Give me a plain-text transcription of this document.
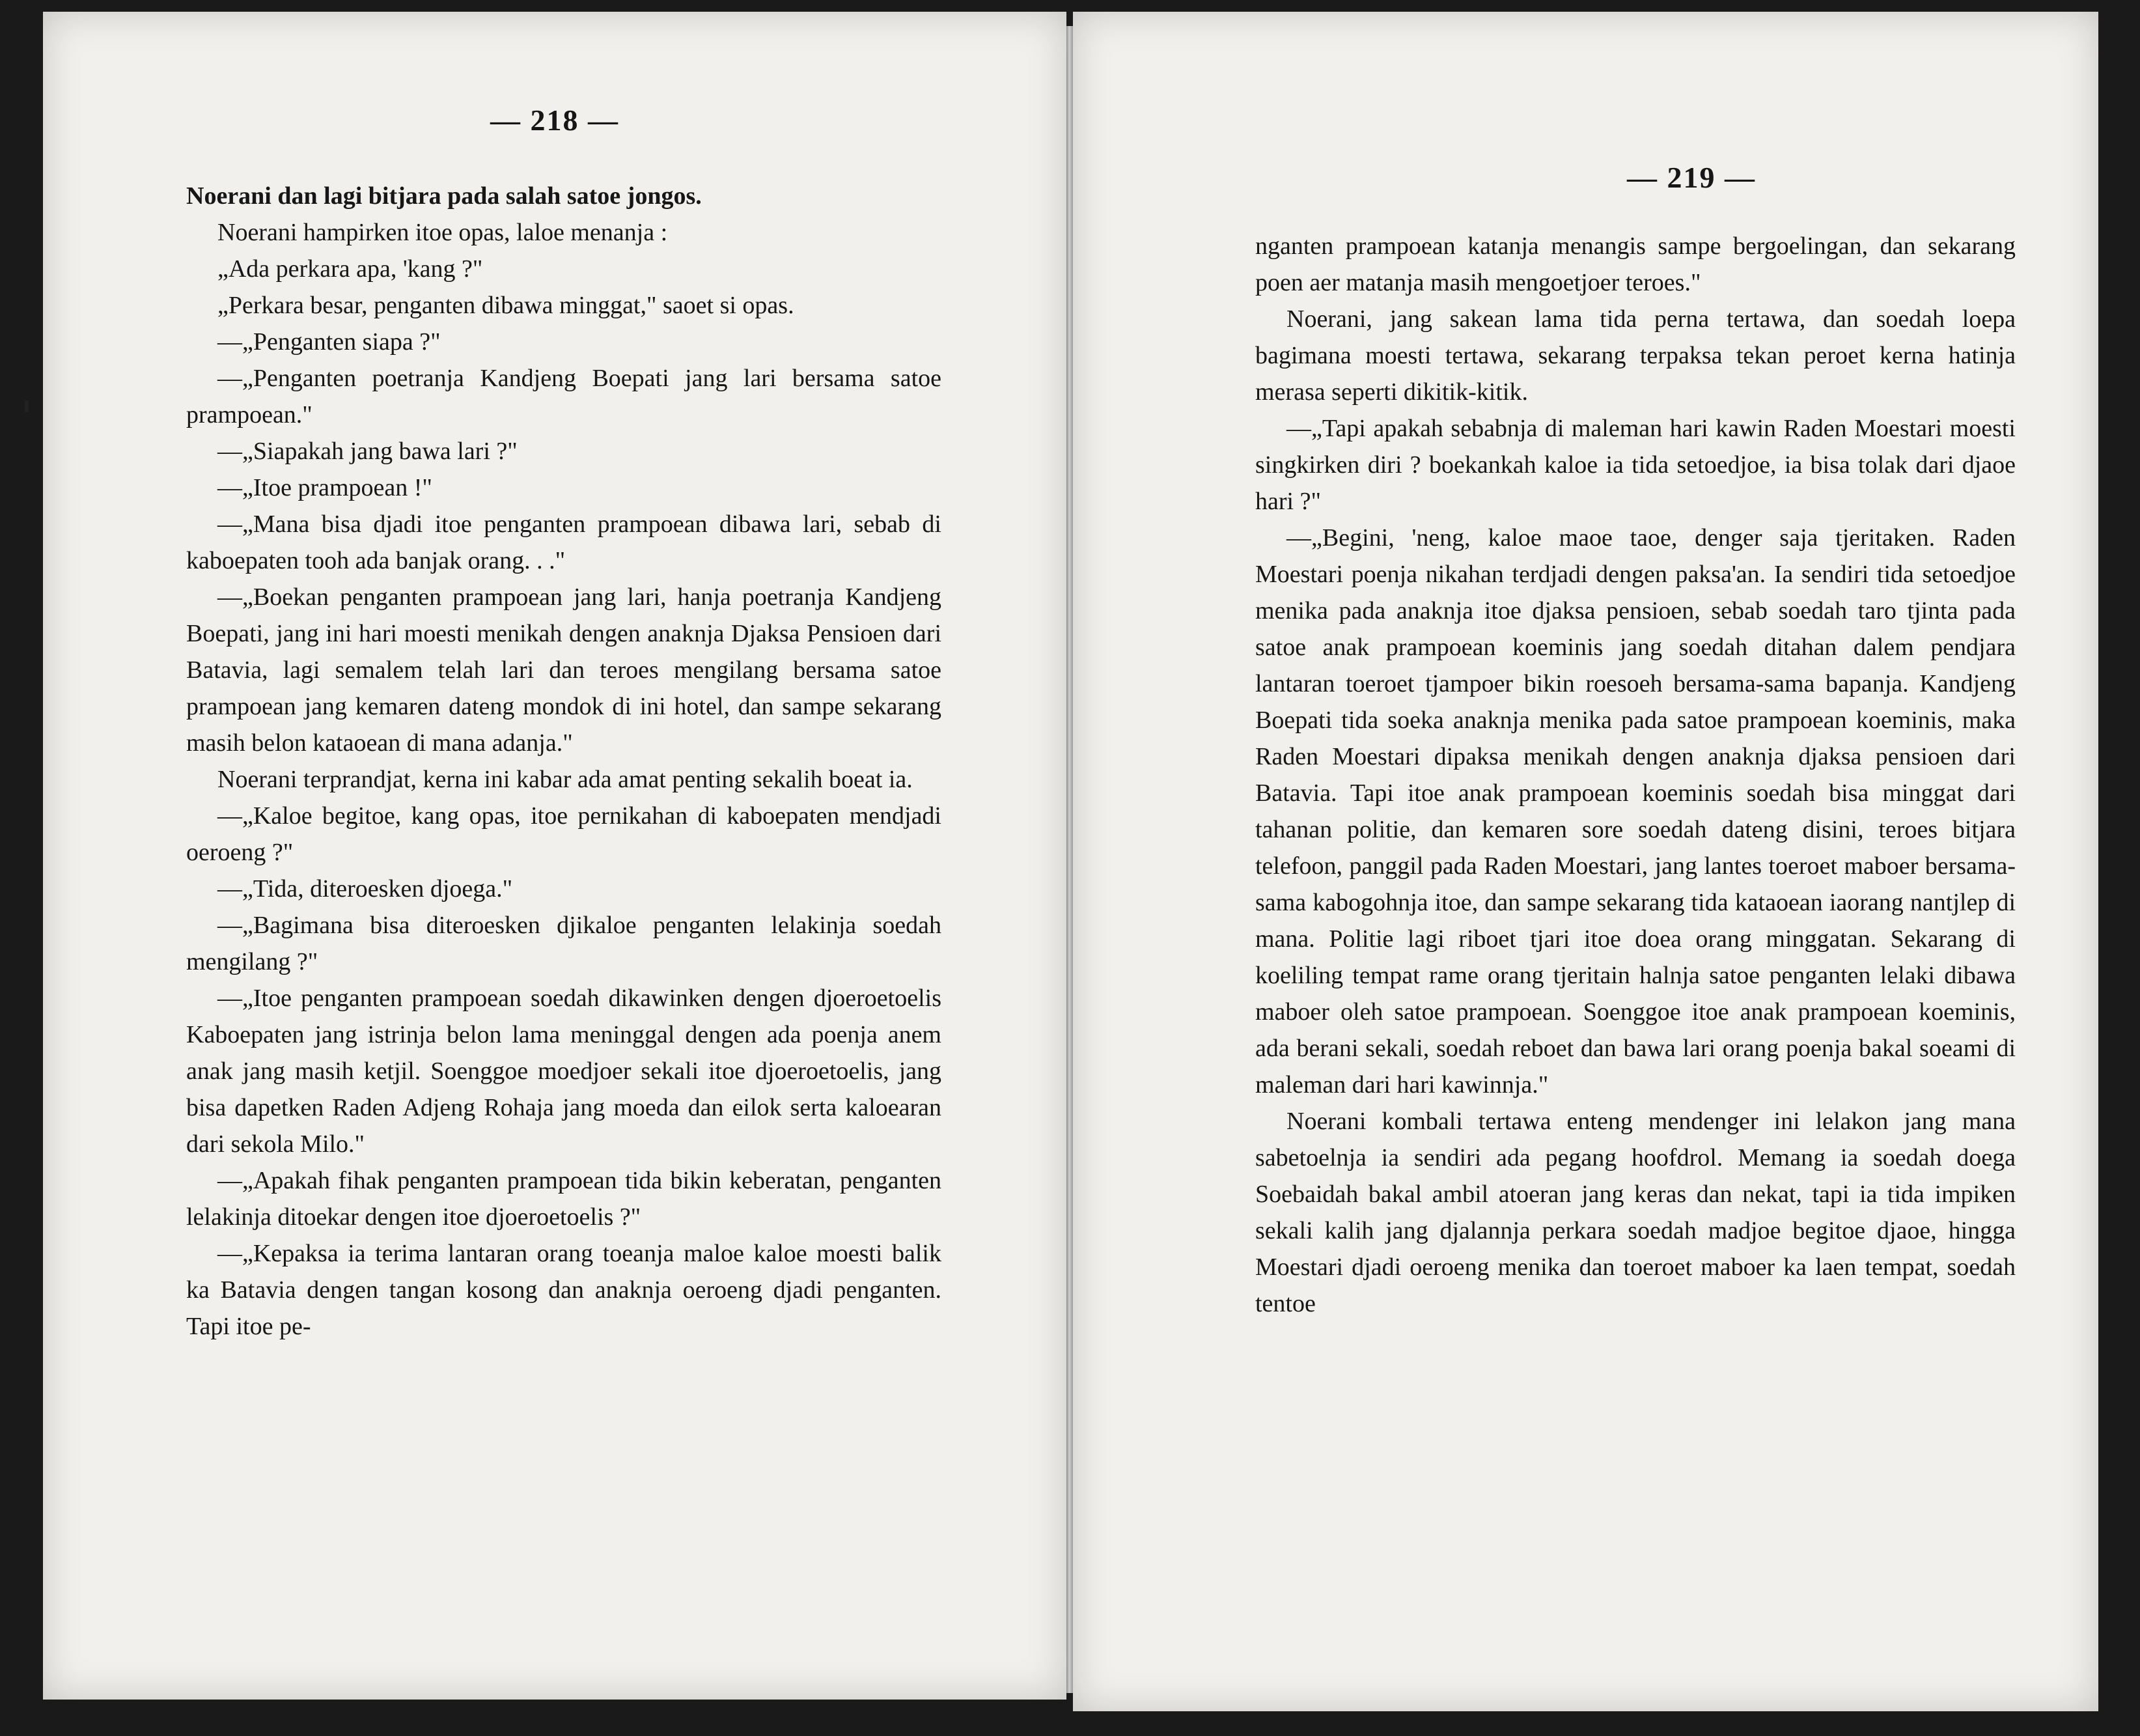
— 218 —

Noerani dan lagi bitjara pada salah satoe jongos.

Noerani hampirken itoe opas, laloe menanja :

„Ada perkara apa, 'kang ?"

„Perkara besar, penganten dibawa minggat," saoet si opas.

—„Penganten siapa ?"

—„Penganten poetranja Kandjeng Boepati jang lari bersama satoe prampoean."

—„Siapakah jang bawa lari ?"

—„Itoe prampoean !"

—„Mana bisa djadi itoe penganten prampoean dibawa lari, sebab di kaboepaten tooh ada banjak orang. . ."

—„Boekan penganten prampoean jang lari, hanja poetranja Kandjeng Boepati, jang ini hari moesti menikah dengen anaknja Djaksa Pensioen dari Batavia, lagi semalem telah lari dan teroes mengilang bersama satoe prampoean jang kemaren dateng mondok di ini hotel, dan sampe sekarang masih belon kataoean di mana adanja."

Noerani terprandjat, kerna ini kabar ada amat penting sekalih boeat ia.

—„Kaloe begitoe, kang opas, itoe pernikahan di kaboepaten mendjadi oeroeng ?"

—„Tida, diteroesken djoega."

—„Bagimana bisa diteroesken djikaloe penganten lelakinja soedah mengilang ?"

—„Itoe penganten prampoean soedah dikawinken dengen djoeroetoelis Kaboepaten jang istrinja belon lama meninggal dengen ada poenja anem anak jang masih ketjil. Soenggoe moedjoer sekali itoe djoeroetoelis, jang bisa dapetken Raden Adjeng Rohaja jang moeda dan eilok serta kaloearan dari sekola Milo."

—„Apakah fihak penganten prampoean tida bikin keberatan, penganten lelakinja ditoekar dengen itoe djoeroetoelis ?"

—„Kepaksa ia terima lantaran orang toeanja maloe kaloe moesti balik ka Batavia dengen tangan kosong dan anaknja oeroeng djadi penganten. Tapi itoe pe-

— 219 —

nganten prampoean katanja menangis sampe bergoelingan, dan sekarang poen aer matanja masih mengoetjoer teroes."

Noerani, jang sakean lama tida perna tertawa, dan soedah loepa bagimana moesti tertawa, sekarang terpaksa tekan peroet kerna hatinja merasa seperti dikitik-kitik.

—„Tapi apakah sebabnja di maleman hari kawin Raden Moestari moesti singkirken diri ? boekankah kaloe ia tida setoedjoe, ia bisa tolak dari djaoe hari ?"

—„Begini, 'neng, kaloe maoe taoe, denger saja tjeritaken. Raden Moestari poenja nikahan terdjadi dengen paksa'an. Ia sendiri tida setoedjoe menika pada anaknja itoe djaksa pensioen, sebab soedah taro tjinta pada satoe anak prampoean koeminis jang soedah ditahan dalem pendjara lantaran toeroet tjampoer bikin roesoeh bersama-sama bapanja. Kandjeng Boepati tida soeka anaknja menika pada satoe prampoean koeminis, maka Raden Moestari dipaksa menikah dengen anaknja djaksa pensioen dari Batavia. Tapi itoe anak prampoean koeminis soedah bisa minggat dari tahanan politie, dan kemaren sore soedah dateng disini, teroes bitjara telefoon, panggil pada Raden Moestari, jang lantes toeroet maboer bersama-sama kabogohnja itoe, dan sampe sekarang tida kataoean iaorang nantjlep di mana. Politie lagi riboet tjari itoe doea orang minggatan. Sekarang di koeliling tempat rame orang tjeritain halnja satoe penganten lelaki dibawa maboer oleh satoe prampoean. Soenggoe itoe anak prampoean koeminis, ada berani sekali, soedah reboet dan bawa lari orang poenja bakal soeami di maleman dari hari kawinnja."

Noerani kombali tertawa enteng mendenger ini lelakon jang mana sabetoelnja ia sendiri ada pegang hoofdrol. Memang ia soedah doega Soebaidah bakal ambil atoeran jang keras dan nekat, tapi ia tida impiken sekali kalih jang djalannja perkara soedah madjoe begitoe djaoe, hingga Moestari djadi oeroeng menika dan toeroet maboer ka laen tempat, soedah tentoe
